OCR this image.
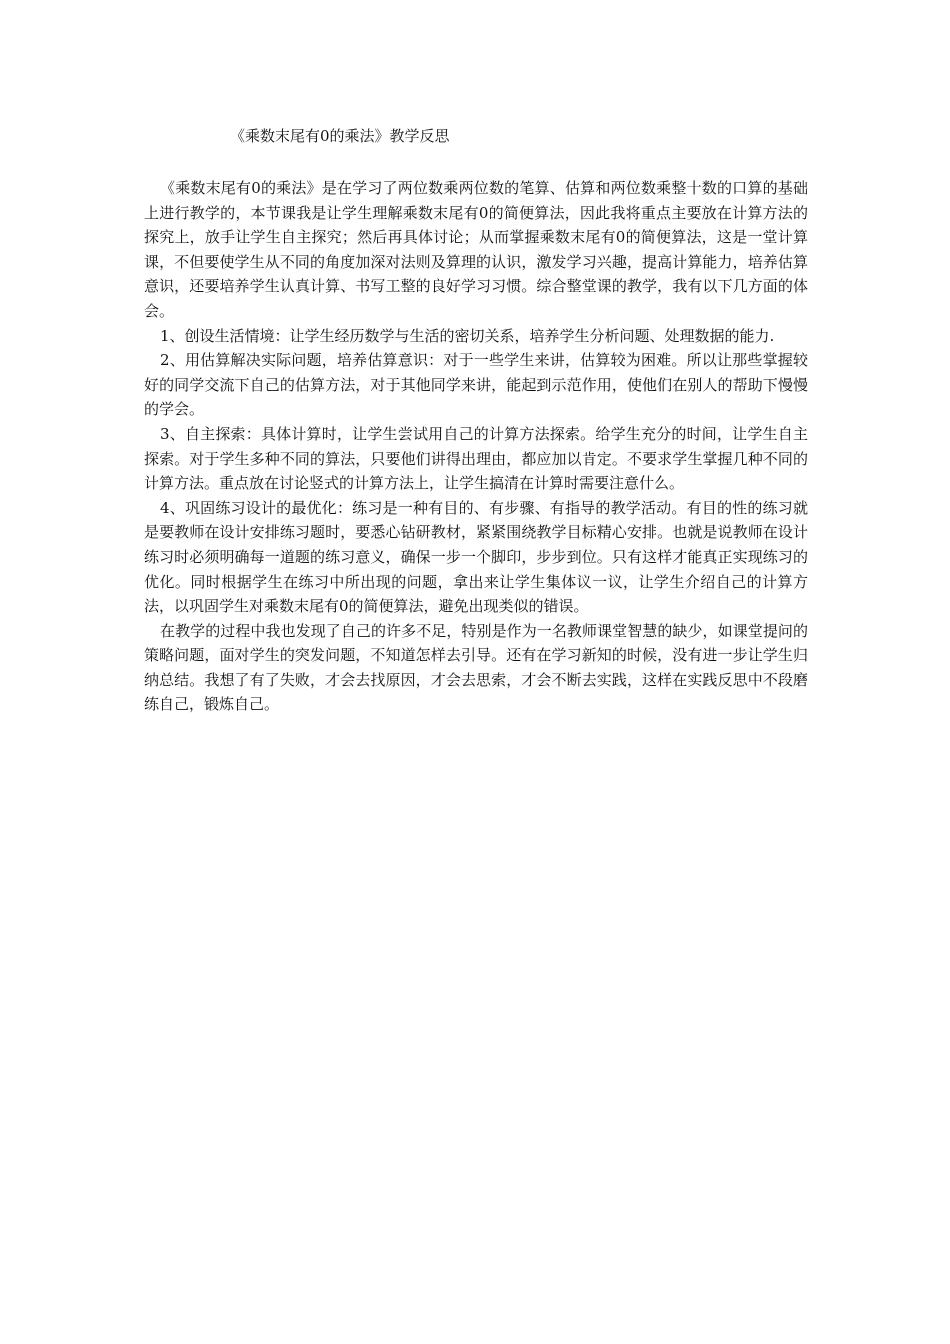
《乘数末尾有0的乘法》教学反思

《乘数末尾有0的乘法》是在学习了两位数乘两位数的笔算、估算和两位数乘整十数的口算的基础上进行教学的，本节课我是让学生理解乘数末尾有0的简便算法，因此我将重点主要放在计算方法的探究上，放手让学生自主探究；然后再具体讨论；从而掌握乘数末尾有0的简便算法，这是一堂计算课，不但要使学生从不同的角度加深对法则及算理的认识，激发学习兴趣，提高计算能力，培养估算意识，还要培养学生认真计算、书写工整的良好学习习惯。综合整堂课的教学，我有以下几方面的体会。

1、创设生活情境：让学生经历数学与生活的密切关系，培养学生分析问题、处理数据的能力.

2、用估算解决实际问题，培养估算意识：对于一些学生来讲，估算较为困难。所以让那些掌握较好的同学交流下自己的估算方法，对于其他同学来讲，能起到示范作用，使他们在别人的帮助下慢慢的学会。

3、自主探索：具体计算时，让学生尝试用自己的计算方法探索。给学生充分的时间，让学生自主探索。对于学生多种不同的算法，只要他们讲得出理由，都应加以肯定。不要求学生掌握几种不同的计算方法。重点放在讨论竖式的计算方法上，让学生搞清在计算时需要注意什么。

4、巩固练习设计的最优化：练习是一种有目的、有步骤、有指导的教学活动。有目的性的练习就是要教师在设计安排练习题时，要悉心钻研教材，紧紧围绕教学目标精心安排。也就是说教师在设计练习时必须明确每一道题的练习意义，确保一步一个脚印，步步到位。只有这样才能真正实现练习的优化。同时根据学生在练习中所出现的问题，拿出来让学生集体议一议，让学生介绍自己的计算方法，以巩固学生对乘数末尾有0的简便算法，避免出现类似的错误。

在教学的过程中我也发现了自己的许多不足，特别是作为一名教师课堂智慧的缺少，如课堂提问的策略问题，面对学生的突发问题，不知道怎样去引导。还有在学习新知的时候，没有进一步让学生归纳总结。我想了有了失败，才会去找原因，才会去思索，才会不断去实践，这样在实践反思中不段磨练自己，锻炼自己。
